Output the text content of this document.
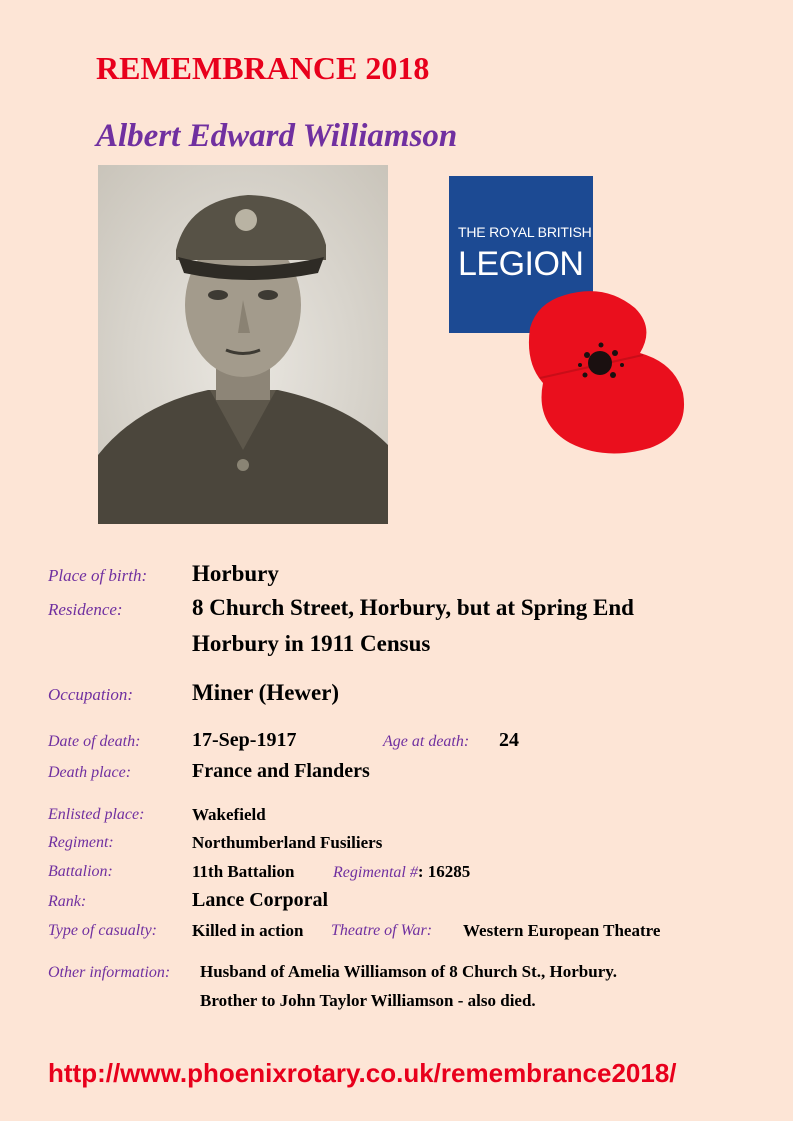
REMEMBRANCE 2018
Albert Edward Williamson
THE ROYAL BRITISH
LEGION
Place of birth: Horbury
Residence:	8 Church Street, Horbury, but at Spring End
Horbury in 1911 Census
Occupation:	Miner (Hewer)
Date of death:	17-Sep-1917	Age at death: 24
Death place:	France and Flanders
Enlisted place:	Wakefield
Regiment:	Northumberland Fusiliers
Battalion:	11th Battalion Regimental #: 16285
Rank:	Lance Corporal
Type of casualty: Killed in action Theatre of War: Western European Theatre
Other information: Husband of Amelia Williamson of 8 Church St., Horbury.
Brother to John Taylor Williamson - also died.
http://www.phoenixrotary.co.uk/remembrance2018/
